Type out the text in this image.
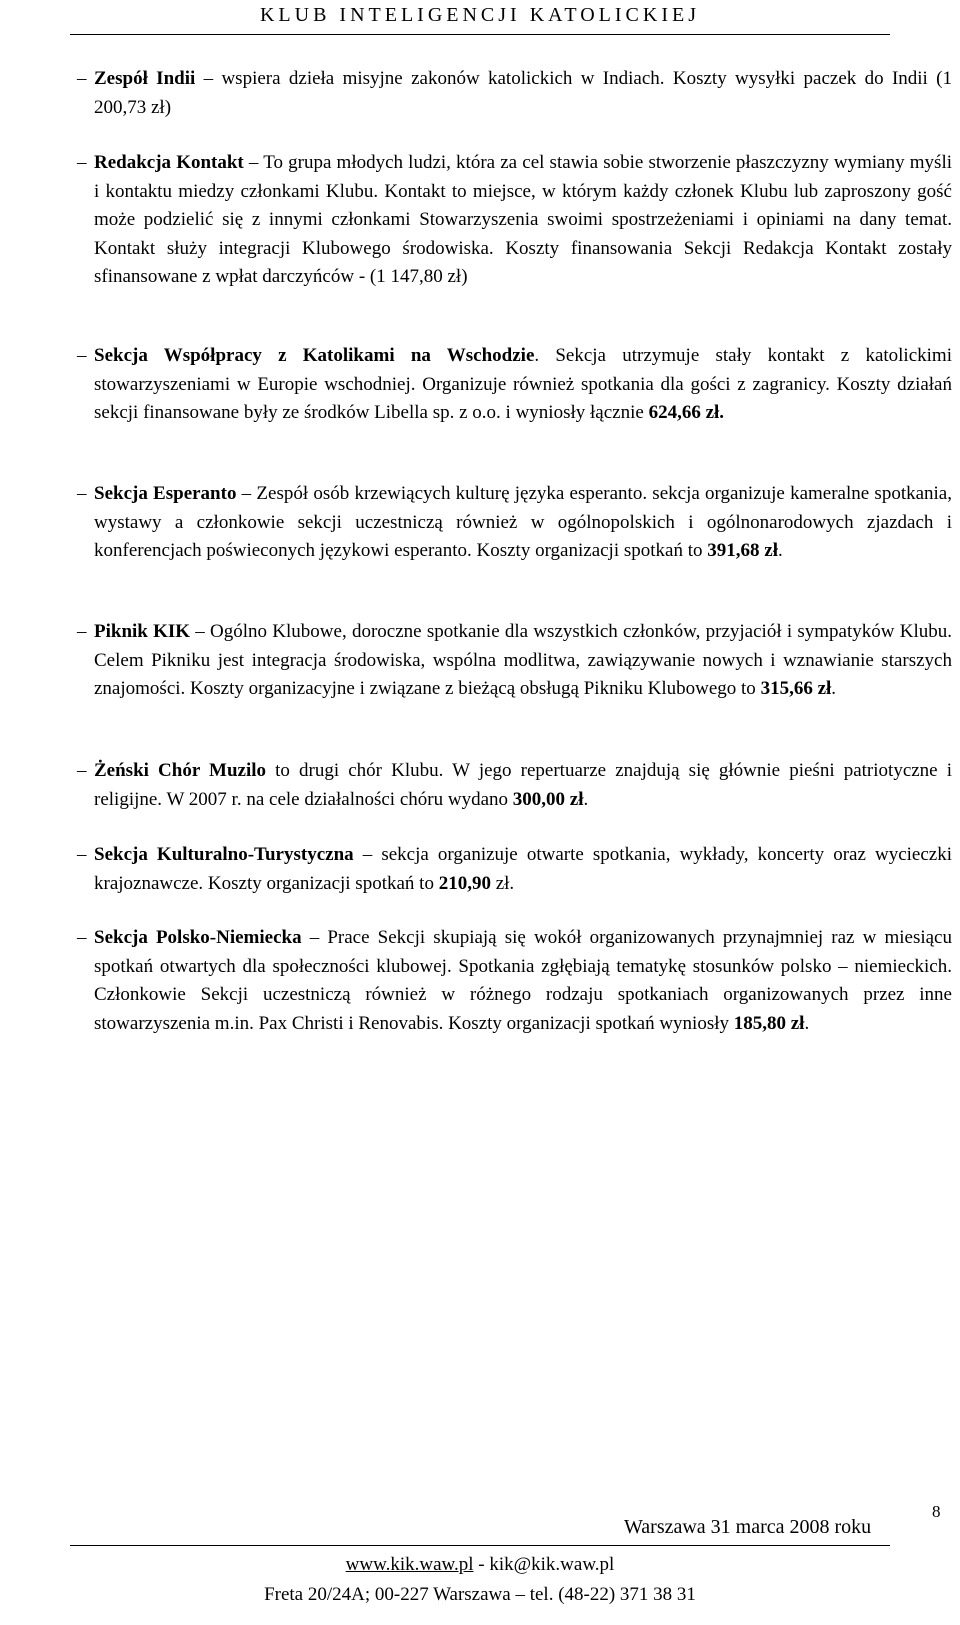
KLUB INTELIGENCJI KATOLICKIEJ
– Zespół Indii – wspiera dzieła misyjne zakonów katolickich w Indiach. Koszty wysyłki paczek do Indii (1 200,73 zł)
– Redakcja Kontakt – To grupa młodych ludzi, która za cel stawia sobie stworzenie płaszczyzny wymiany myśli i kontaktu miedzy członkami Klubu. Kontakt to miejsce, w którym każdy członek Klubu lub zaproszony gość może podzielić się z innymi członkami Stowarzyszenia swoimi spostrzeżeniami i opiniami na dany temat. Kontakt służy integracji Klubowego środowiska. Koszty finansowania Sekcji Redakcja Kontakt zostały sfinansowane z wpłat darczyńców - (1 147,80 zł)
– Sekcja Współpracy z Katolikami na Wschodzie. Sekcja utrzymuje stały kontakt z katolickimi stowarzyszeniami w Europie wschodniej. Organizuje również spotkania dla gości z zagranicy. Koszty działań sekcji finansowane były ze środków Libella sp. z o.o. i wyniosły łącznie 624,66 zł.
– Sekcja Esperanto – Zespół osób krzewiących kulturę języka esperanto. sekcja organizuje kameralne spotkania, wystawy a członkowie sekcji uczestniczą również w ogólnopolskich i ogólnonarodowych zjazdach i konferencjach poświeconych językowi esperanto. Koszty organizacji spotkań to 391,68 zł.
– Piknik KIK – Ogólno Klubowe, doroczne spotkanie dla wszystkich członków, przyjaciół i sympatyków Klubu. Celem Pikniku jest integracja środowiska, wspólna modlitwa, zawiązywanie nowych i wznawianie starszych znajomości. Koszty organizacyjne i związane z bieżącą obsługą Pikniku Klubowego to 315,66 zł.
– Żeński Chór Muzilo to drugi chór Klubu. W jego repertuarze znajdują się głównie pieśni patriotyczne i religijne. W 2007 r. na cele działalności chóru wydano 300,00 zł.
– Sekcja Kulturalno-Turystyczna – sekcja organizuje otwarte spotkania, wykłady, koncerty oraz wycieczki krajoznawcze. Koszty organizacji spotkań to 210,90 zł.
– Sekcja Polsko-Niemiecka – Prace Sekcji skupiają się wokół organizowanych przynajmniej raz w miesiącu spotkań otwartych dla społeczności klubowej. Spotkania zgłębiają tematykę stosunków polsko – niemieckich. Członkowie Sekcji uczestniczą również w różnego rodzaju spotkaniach organizowanych przez inne stowarzyszenia m.in. Pax Christi i Renovabis. Koszty organizacji spotkań wyniosły 185,80 zł.
Warszawa 31 marca 2008 roku
8
www.kik.waw.pl - kik@kik.waw.pl
Freta 20/24A; 00-227 Warszawa – tel. (48-22) 371 38 31
